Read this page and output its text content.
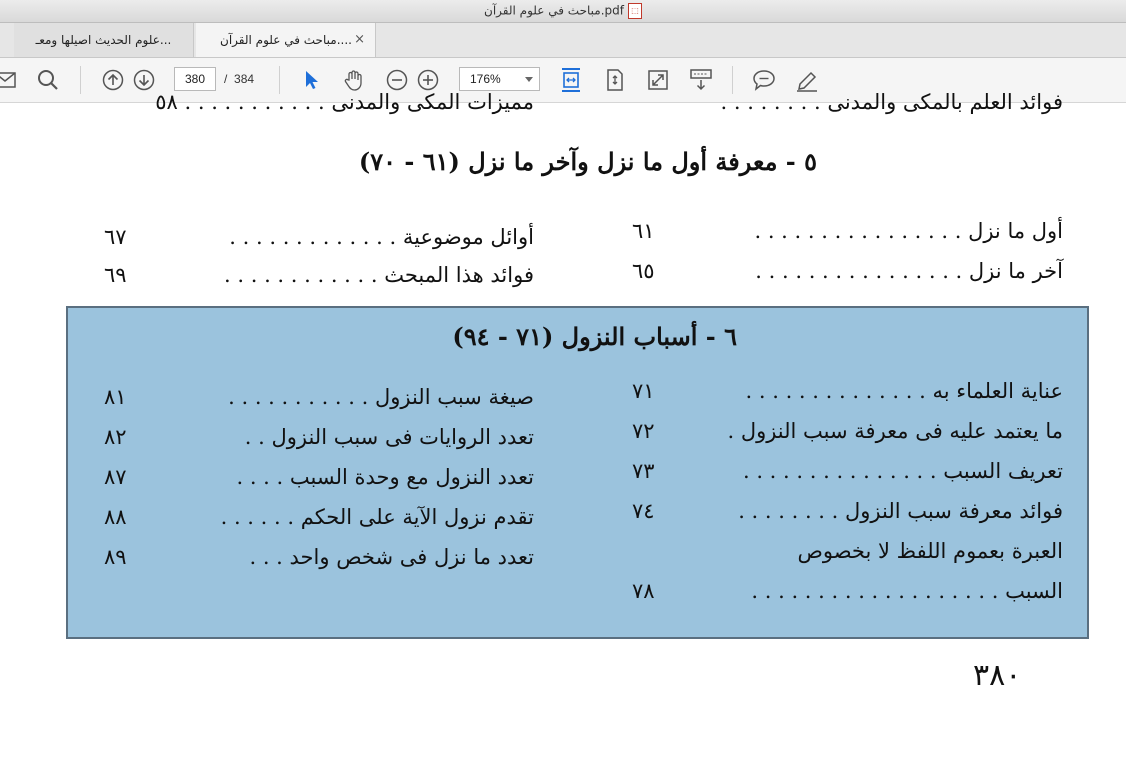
مباحث في علوم القرآن.pdf ⬚
علوم الحديث اصيلها ومعـ...	مباحث في علوم القرآن.... ×
380
/ 384	176%
فوائد العلم بالمكى والمدنى . . . . . . . .
مميزات المكى والمدنى . . . . . . . . . . . ٥٨
٥ - معرفة أول ما نزل وآخر ما نزل (٦١ - ٧٠)
أول ما نزل . . . . . . . . . . . . . . . .
٦١
آخر ما نزل . . . . . . . . . . . . . . . .
٦٥
أوائل موضوعية . . . . . . . . . . . . .
٦٧
فوائد هذا المبحث . . . . . . . . . . . .
٦٩
٦ - أسباب النزول (٧١ - ٩٤)
عناية العلماء به . . . . . . . . . . . . . .
٧١
ما يعتمد عليه فى معرفة سبب النزول .
٧٢
تعريف السبب . . . . . . . . . . . . . . .
٧٣
فوائد معرفة سبب النزول . . . . . . . .
٧٤
العبرة بعموم اللفظ لا بخصوص
السبب . . . . . . . . . . . . . . . . . . .
٧٨
صيغة سبب النزول . . . . . . . . . . .
٨١
تعدد الروايات فى سبب النزول . .
٨٢
تعدد النزول مع وحدة السبب . . . .
٨٧
تقدم نزول الآية على الحكم . . . . . .
٨٨
تعدد ما نزل فى شخص واحد . . .
٨٩
٣٨٠
